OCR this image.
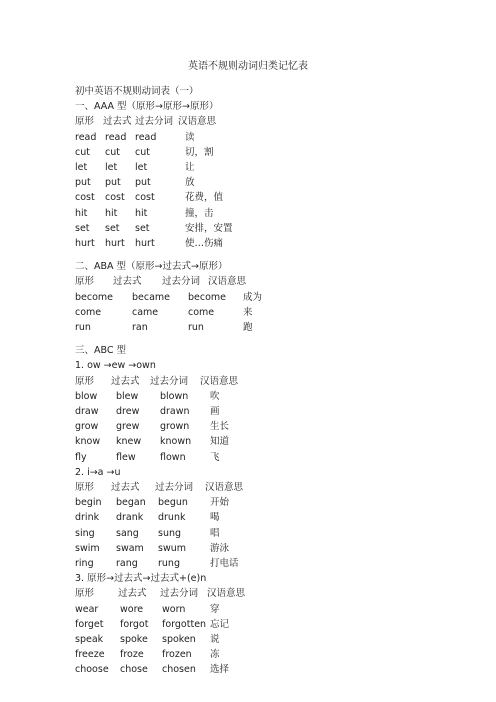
英语不规则动词归类记忆表
初中英语不规则动词表（一）
一、AAA 型（原形→原形→原形）
原形 过去式 过去分词 汉语意思
read read read	读
cut cut cut	切，割
let let let	让
put put put	放
cost cost cost	花费，值
hit hit hit	撞，击
set set set	安排，安置
hurt hurt hurt	使…伤痛
二、ABA 型（原形→过去式→原形）
原形 过去式 过去分词 汉语意思
become became become 成为
come	came	come	来
run	ran	run	跑
三、ABC 型
1. ow →ew →own
原形 过去式 过去分词 汉语意思
blow blew blown 吹
draw drew drawn 画
grow grew grown 生长
know knew known 知道
fly	flew	flown	飞
2. i→a →u
原形 过去式 过去分词 汉语意思
begin began begun 开始
drink drank drunk	喝
sing sang sung	唱
swim swam swum	游泳
ring rang rung	打电话
3. 原形→过去式→过去式+(e)n
原形	过去式 过去分词 汉语意思
wear wore worn	穿
forget forgot forgotten 忘记
speak spoke spoken 说
freeze froze frozen 冻
choose chose chosen 选择
